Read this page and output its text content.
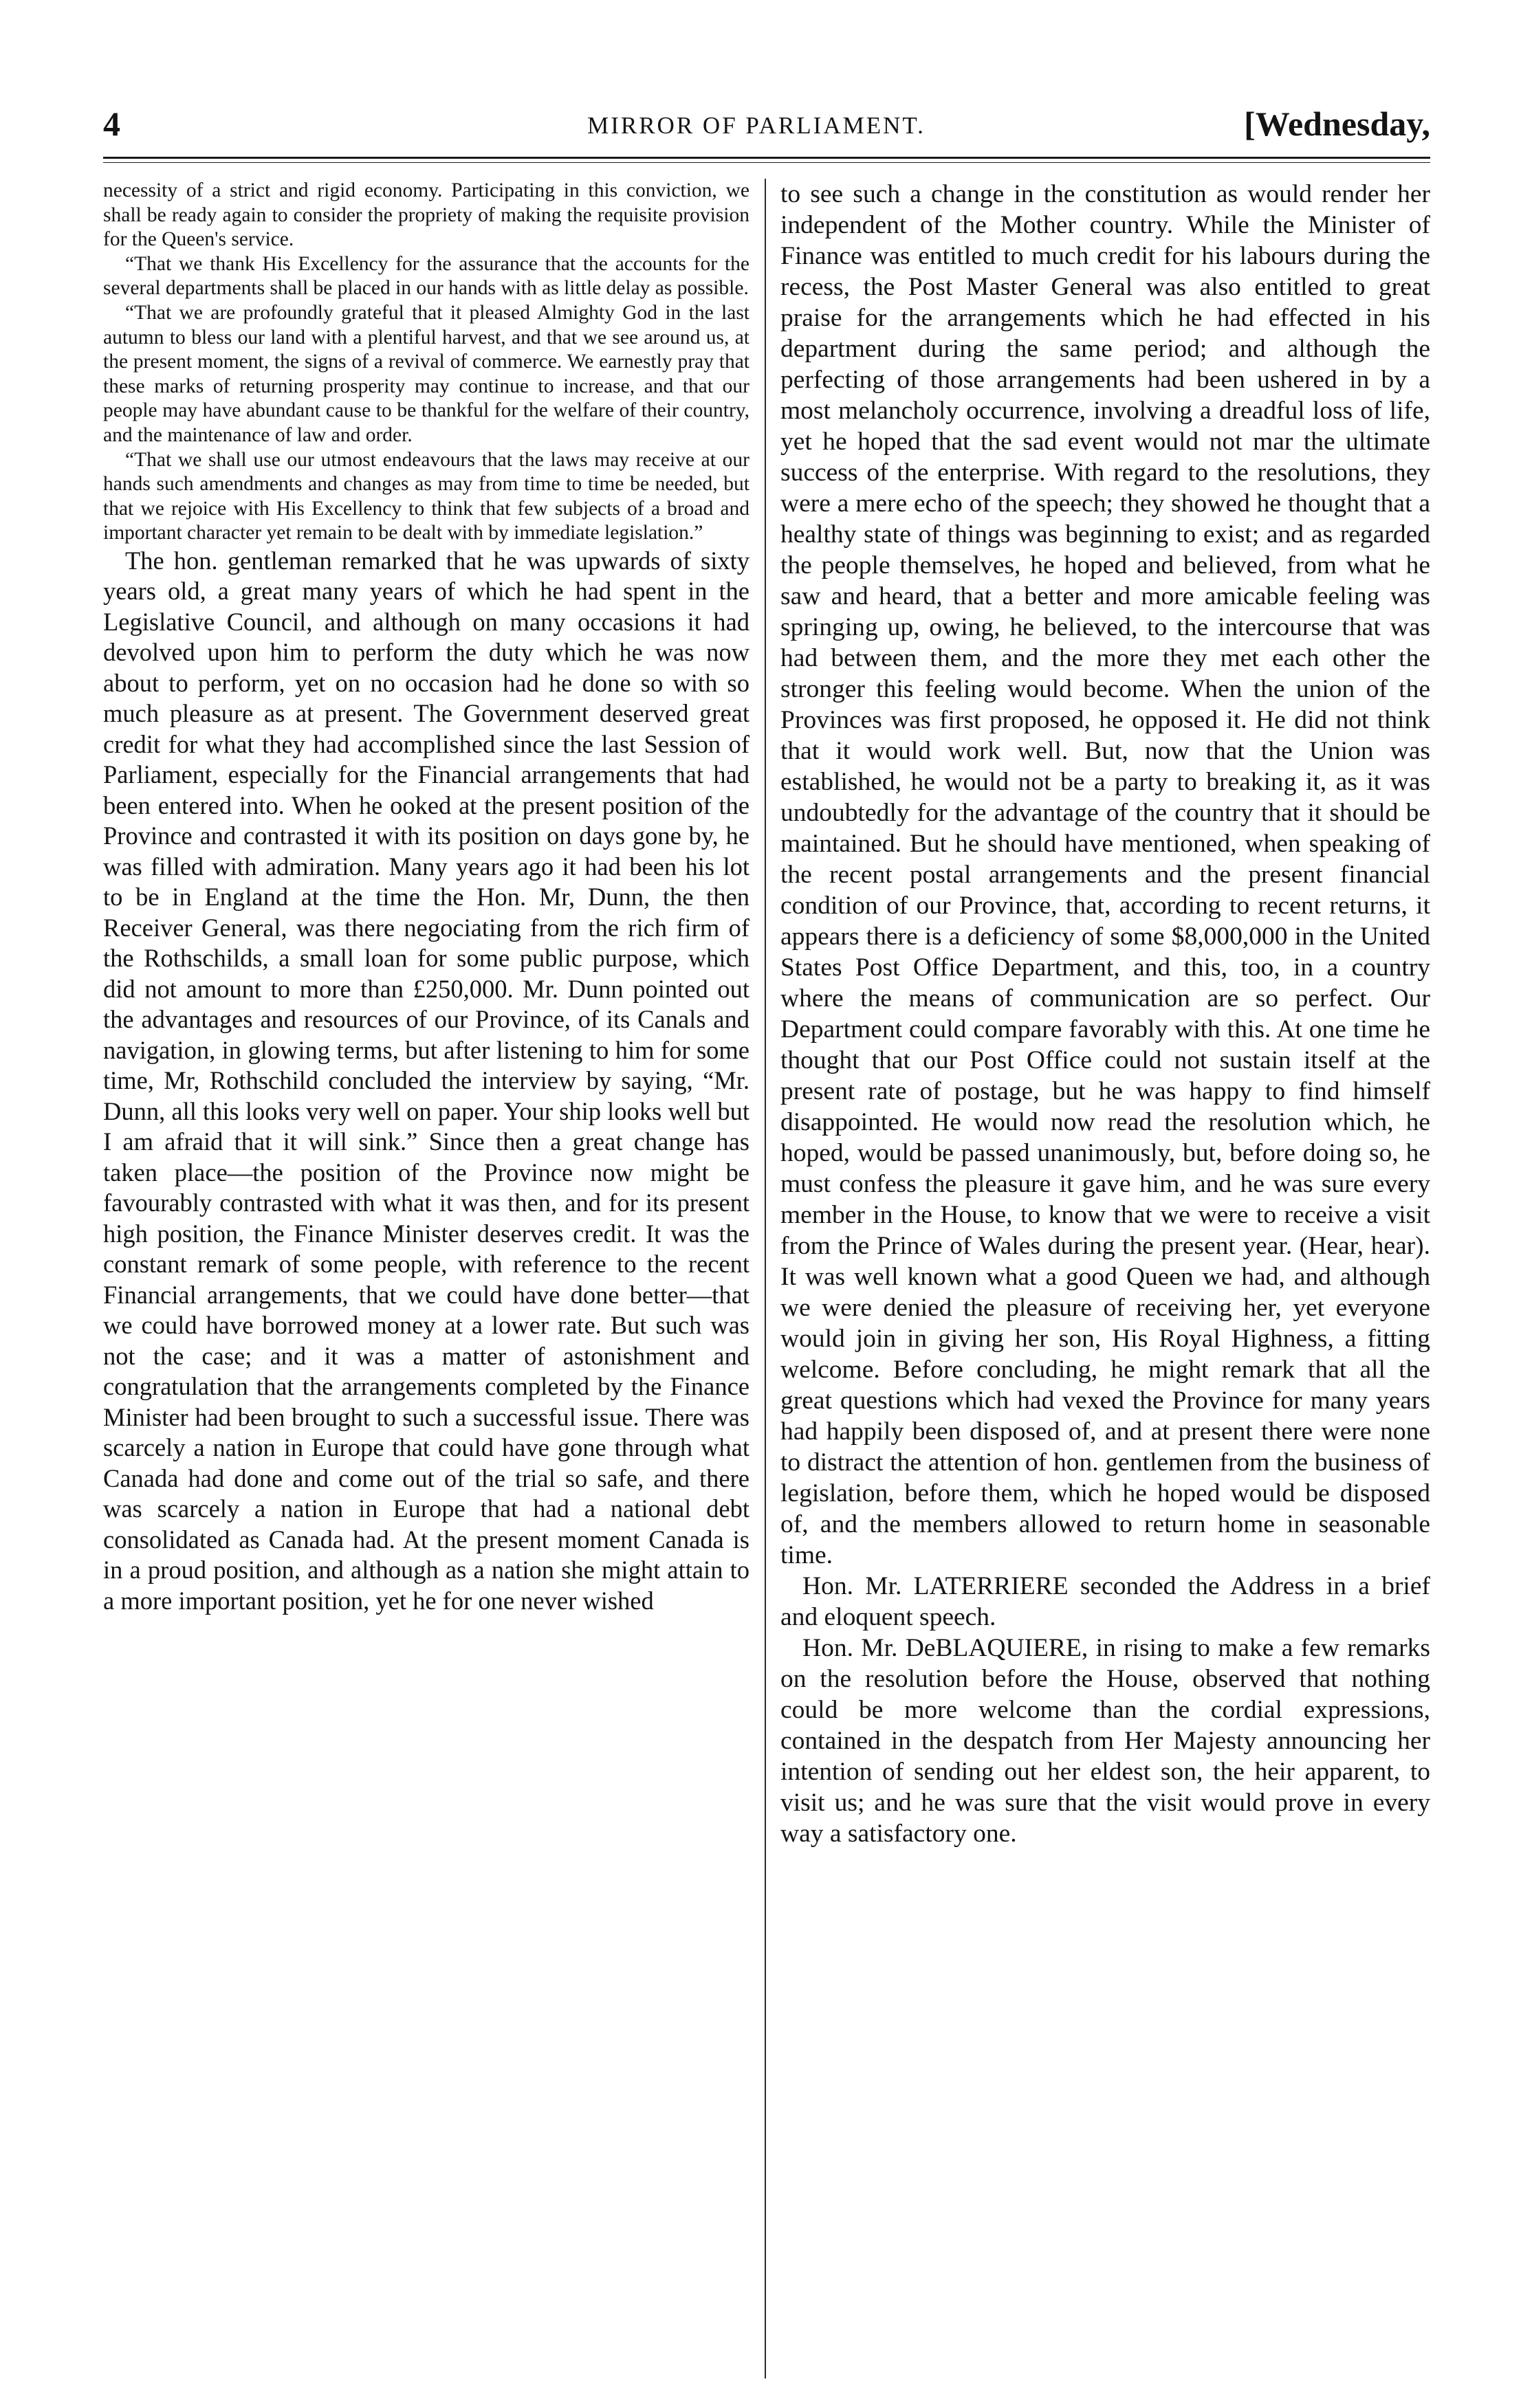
4	MIRROR OF PARLIAMENT.	[Wednesday,

necessity of a strict and rigid economy. Participating in this conviction, we shall be ready again to consider the propriety of making the requisite provision for the Queen's service.

“That we thank His Excellency for the assurance that the accounts for the several departments shall be placed in our hands with as little delay as possible.

“That we are profoundly grateful that it pleased Almighty God in the last autumn to bless our land with a plentiful harvest, and that we see around us, at the present moment, the signs of a revival of commerce. We earnestly pray that these marks of returning prosperity may continue to increase, and that our people may have abundant cause to be thankful for the welfare of their country, and the maintenance of law and order.

“That we shall use our utmost endeavours that the laws may receive at our hands such amendments and changes as may from time to time be needed, but that we rejoice with His Excellency to think that few subjects of a broad and important character yet remain to be dealt with by immediate legislation.”

The hon. gentleman remarked that he was upwards of sixty years old, a great many years of which he had spent in the Legislative Council, and although on many occasions it had devolved upon him to perform the duty which he was now about to perform, yet on no occasion had he done so with so much pleasure as at present. The Government deserved great credit for what they had accomplished since the last Session of Parliament, especially for the Financial arrangements that had been entered into. When he ooked at the present position of the Province and contrasted it with its position on days gone by, he was filled with admiration. Many years ago it had been his lot to be in England at the time the Hon. Mr, Dunn, the then Receiver General, was there negociating from the rich firm of the Rothschilds, a small loan for some public purpose, which did not amount to more than £250,000. Mr. Dunn pointed out the advantages and resources of our Province, of its Canals and navigation, in glowing terms, but after listening to him for some time, Mr, Rothschild concluded the interview by saying, “Mr. Dunn, all this looks very well on paper. Your ship looks well but I am afraid that it will sink.” Since then a great change has taken place—the position of the Province now might be favourably contrasted with what it was then, and for its present high position, the Finance Minister deserves credit. It was the constant remark of some people, with reference to the recent Financial arrangements, that we could have done better—that we could have borrowed money at a lower rate. But such was not the case; and it was a matter of astonishment and congratulation that the arrangements completed by the Finance Minister had been brought to such a successful issue. There was scarcely a nation in Europe that could have gone through what Canada had done and come out of the trial so safe, and there was scarcely a nation in Europe that had a national debt consolidated as Canada had. At the present moment Canada is in a proud position, and although as a nation she might attain to a more important position, yet he for one never wished

to see such a change in the constitution as would render her independent of the Mother country. While the Minister of Finance was entitled to much credit for his labours during the recess, the Post Master General was also entitled to great praise for the arrangements which he had effected in his department during the same period; and although the perfecting of those arrangements had been ushered in by a most melancholy occurrence, involving a dreadful loss of life, yet he hoped that the sad event would not mar the ultimate success of the enterprise. With regard to the resolutions, they were a mere echo of the speech; they showed he thought that a healthy state of things was beginning to exist; and as regarded the people themselves, he hoped and believed, from what he saw and heard, that a better and more amicable feeling was springing up, owing, he believed, to the intercourse that was had between them, and the more they met each other the stronger this feeling would become. When the union of the Provinces was first proposed, he opposed it. He did not think that it would work well. But, now that the Union was established, he would not be a party to breaking it, as it was undoubtedly for the advantage of the country that it should be maintained. But he should have mentioned, when speaking of the recent postal arrangements and the present financial condition of our Province, that, according to recent returns, it appears there is a deficiency of some $8,000,000 in the United States Post Office Department, and this, too, in a country where the means of communication are so perfect. Our Department could compare favorably with this. At one time he thought that our Post Office could not sustain itself at the present rate of postage, but he was happy to find himself disappointed. He would now read the resolution which, he hoped, would be passed unanimously, but, before doing so, he must confess the pleasure it gave him, and he was sure every member in the House, to know that we were to receive a visit from the Prince of Wales during the present year. (Hear, hear). It was well known what a good Queen we had, and although we were denied the pleasure of receiving her, yet everyone would join in giving her son, His Royal Highness, a fitting welcome. Before concluding, he might remark that all the great questions which had vexed the Province for many years had happily been disposed of, and at present there were none to distract the attention of hon. gentlemen from the business of legislation, before them, which he hoped would be disposed of, and the members allowed to return home in seasonable time.

Hon. Mr. LATERRIERE seconded the Address in a brief and eloquent speech.

Hon. Mr. DeBLAQUIERE, in rising to make a few remarks on the resolution before the House, observed that nothing could be more welcome than the cordial expressions, contained in the despatch from Her Majesty announcing her intention of sending out her eldest son, the heir apparent, to visit us; and he was sure that the visit would prove in every way a satisfactory one.
